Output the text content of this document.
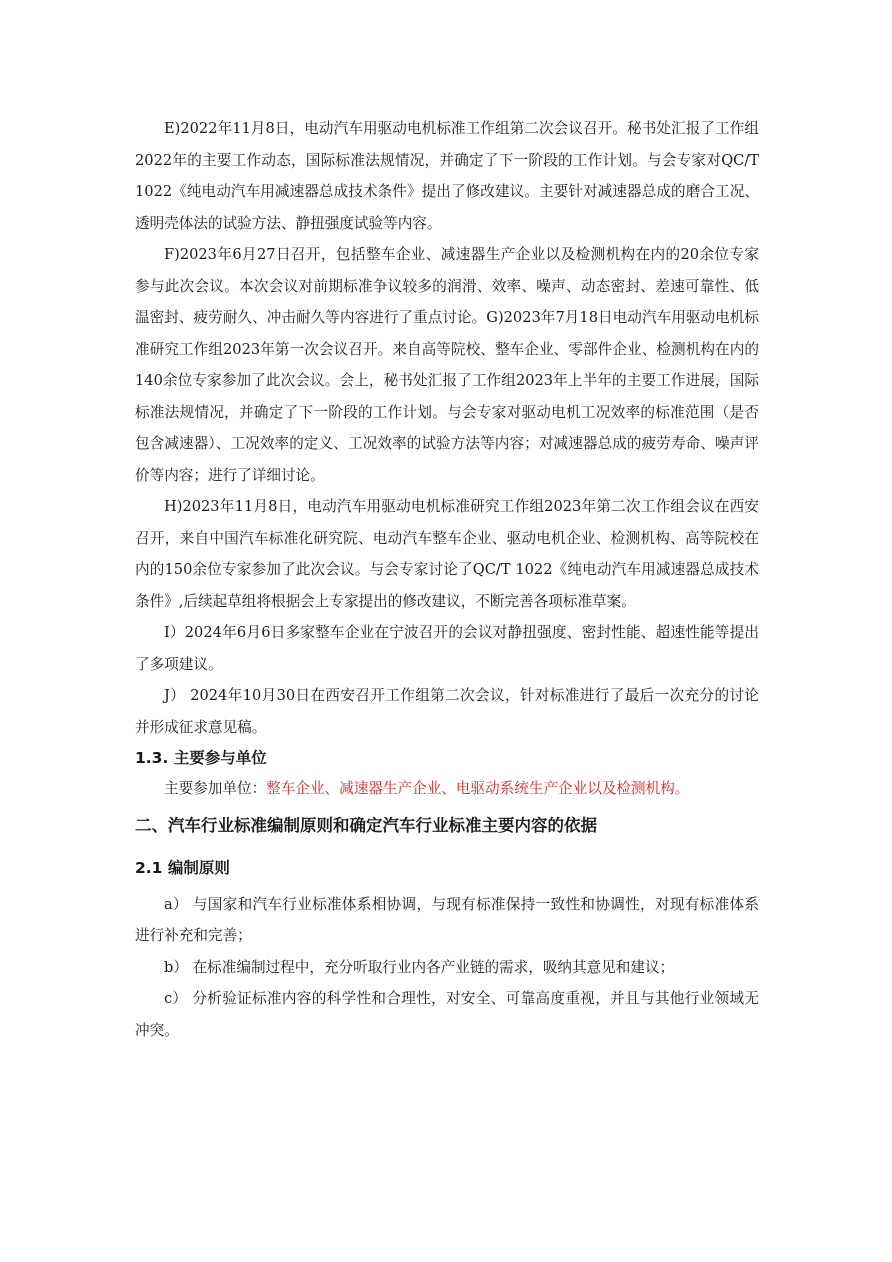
E)2022年11月8日，电动汽车用驱动电机标准工作组第二次会议召开。秘书处汇报了工作组2022年的主要工作动态，国际标准法规情况，并确定了下一阶段的工作计划。与会专家对QC/T 1022《纯电动汽车用减速器总成技术条件》提出了修改建议。主要针对减速器总成的磨合工况、透明壳体法的试验方法、静扭强度试验等内容。

F)2023年6月27日召开，包括整车企业、减速器生产企业以及检测机构在内的20余位专家参与此次会议。本次会议对前期标准争议较多的润滑、效率、噪声、动态密封、差速可靠性、低温密封、疲劳耐久、冲击耐久等内容进行了重点讨论。G)2023年7月18日电动汽车用驱动电机标准研究工作组2023年第一次会议召开。来自高等院校、整车企业、零部件企业、检测机构在内的140余位专家参加了此次会议。会上，秘书处汇报了工作组2023年上半年的主要工作进展，国际标准法规情况，并确定了下一阶段的工作计划。与会专家对驱动电机工况效率的标准范围（是否包含减速器）、工况效率的定义、工况效率的试验方法等内容；对减速器总成的疲劳寿命、噪声评价等内容；进行了详细讨论。

H)2023年11月8日，电动汽车用驱动电机标准研究工作组2023年第二次工作组会议在西安召开，来自中国汽车标准化研究院、电动汽车整车企业、驱动电机企业、检测机构、高等院校在内的150余位专家参加了此次会议。与会专家讨论了QC/T 1022《纯电动汽车用减速器总成技术条件》,后续起草组将根据会上专家提出的修改建议，不断完善各项标准草案。

I）2024年6月6日多家整车企业在宁波召开的会议对静扭强度、密封性能、超速性能等提出了多项建议。

J） 2024年10月30日在西安召开工作组第二次会议，针对标准进行了最后一次充分的讨论并形成征求意见稿。

1.3. 主要参与单位

主要参加单位：整车企业、减速器生产企业、电驱动系统生产企业以及检测机构。

二、汽车行业标准编制原则和确定汽车行业标准主要内容的依据
2.1 编制原则

a） 与国家和汽车行业标准体系相协调，与现有标准保持一致性和协调性，对现有标准体系进行补充和完善；

b） 在标准编制过程中，充分听取行业内各产业链的需求，吸纳其意见和建议；

c） 分析验证标准内容的科学性和合理性，对安全、可靠高度重视，并且与其他行业领域无冲突。
